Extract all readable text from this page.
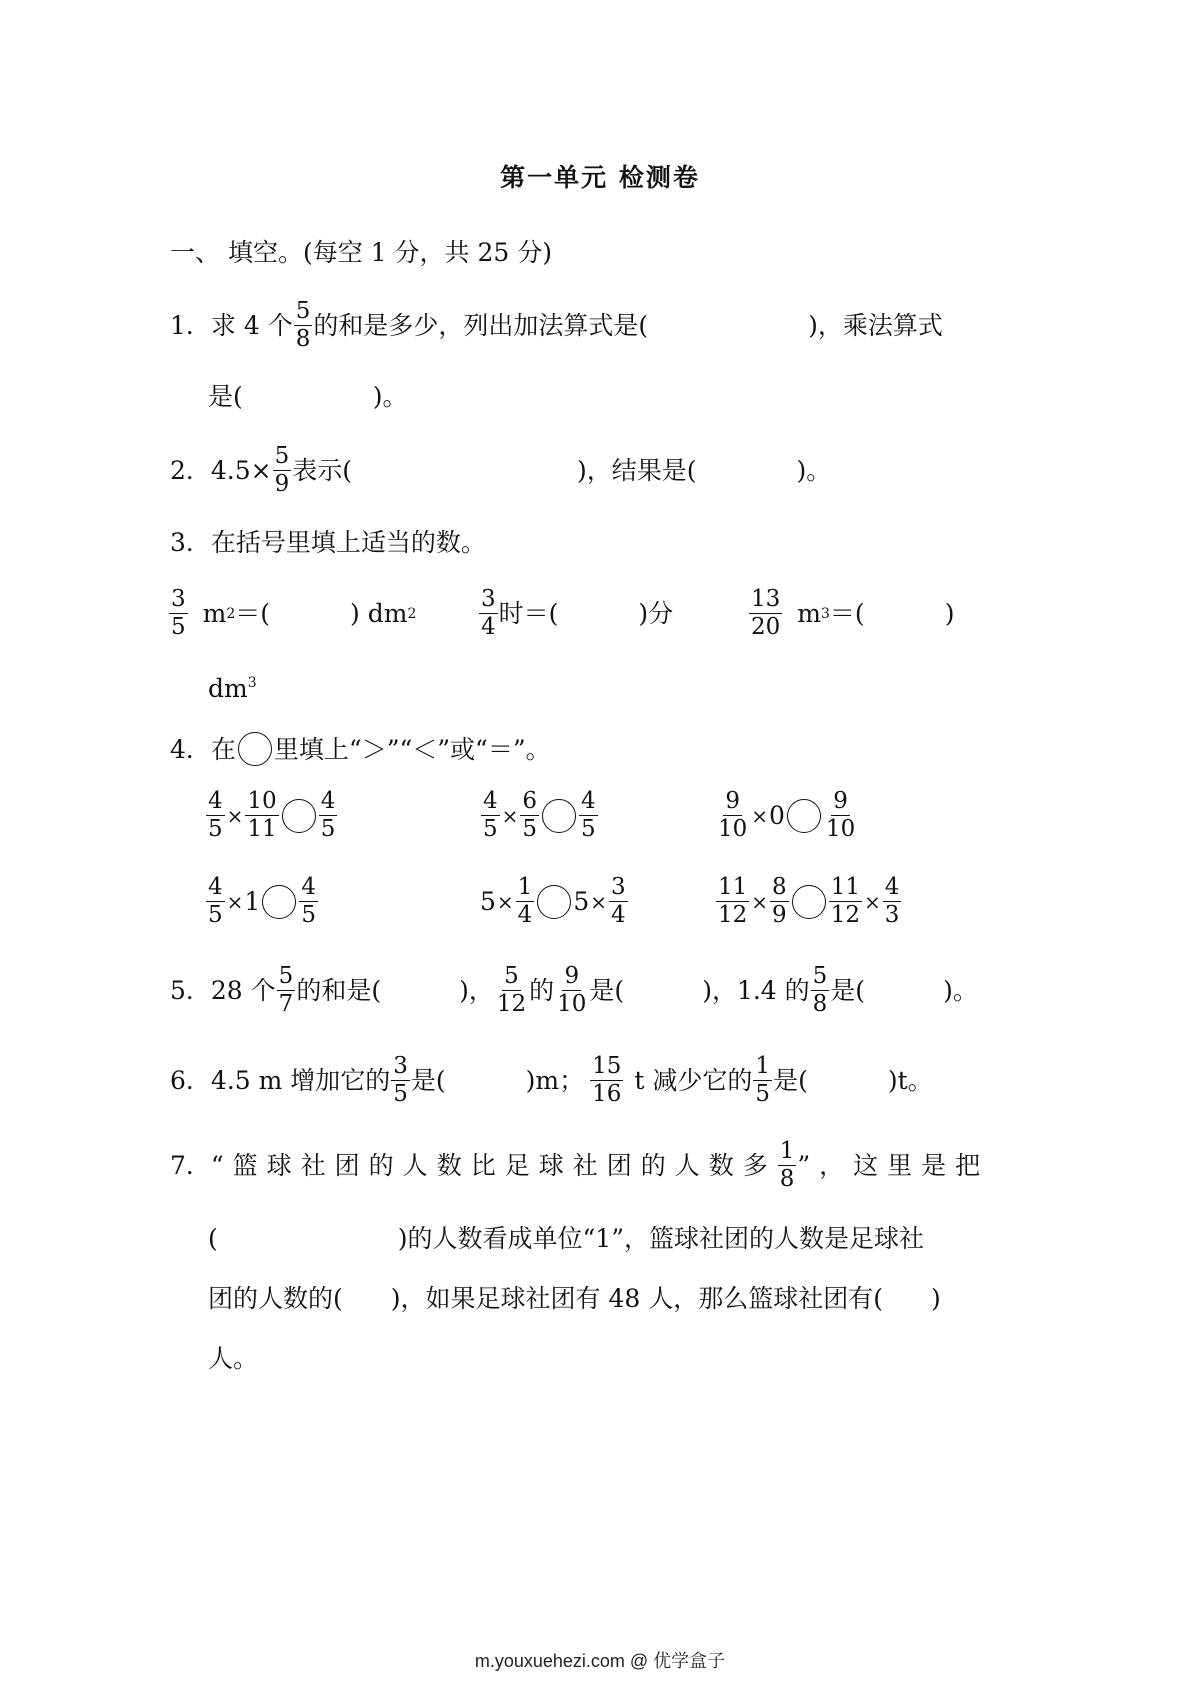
第一单元 检测卷
一、 填空。(每空 1 分，共 25 分)
1． 求 4 个 $\frac{5}{8}$ 的和是多少，列出加法算式是(	)，乘法算式
是(	)。
2． $4.5\times \frac{5}{9}$ 表示(	)，结果是(	)。
3．在括号里填上适当的数。
$\frac{3}{5}$ m 2 ＝(	) dm 2	$\frac{3}{4}$ 时＝(	)分	$\frac{13}{20}$ m 3 ＝(	)
$dm^3$
4． 在 里填上“＞”“＜”或“＝”。
$\frac{4}{5} \times \frac{10}{11} \frac{4}{5}$	$\frac{4}{5} \times \frac{6}{5} \frac{4}{5}$	$\frac{9}{10} \times 0 \frac{9}{10}$
$\frac{4}{5} \times 1 \frac{4}{5}$	$5 \times \frac{1}{4} 5 \times \frac{3}{4}$	$\frac{11}{12} \times \frac{8}{9} \frac{11}{12} \times \frac{4}{3}$
5． 28 个 $\frac{5}{7}$ 的和是(	)， $\frac{5}{12}$ 的 $\frac{9}{10}$ 是(	)，1.4 的 $\frac{5}{8}$ 是(	)。
6． 4.5 m 增加它的 $\frac{3}{5}$ 是(	)m； $\frac{15}{16}$ t 减少它的 $\frac{1}{5}$ 是(	)t。
7． “篮球社团的人数比足球社团的人数多 $\frac{1}{8}$ ”，这里是把
(	)的人数看成单位“1”，篮球社团的人数是足球社
团的人数的( )，如果足球社团有 48 人，那么篮球社团有( )
人。
m.youxuehezi.com @ 优学盒子
